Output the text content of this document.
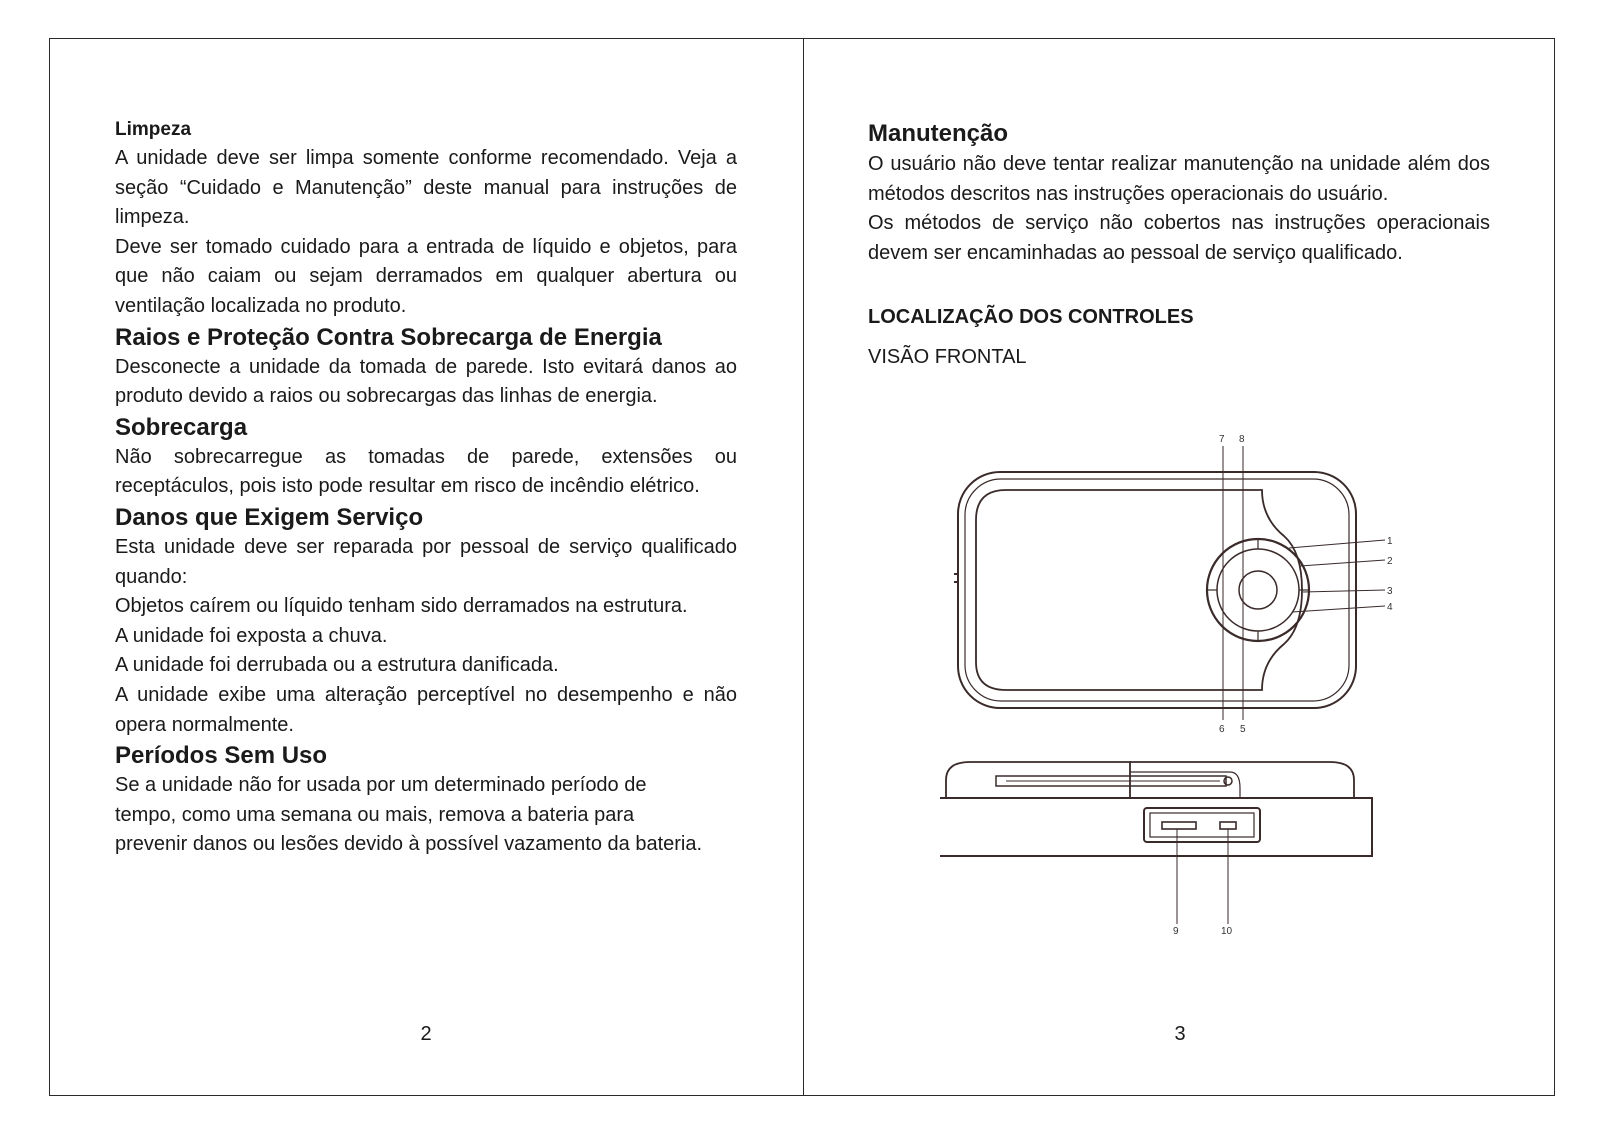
Limpeza

A unidade deve ser limpa somente conforme recomendado. Veja a seção “Cuidado e Manutenção” deste manual para instruções de limpeza.

Deve ser tomado cuidado para a entrada de líquido e objetos, para que não caiam ou sejam derramados em qualquer abertura ou ventilação localizada no produto.

Raios e Proteção Contra Sobrecarga de Energia

Desconecte a unidade da tomada de parede. Isto evitará danos ao produto devido a raios ou sobrecargas das linhas de energia.

Sobrecarga

Não sobrecarregue as tomadas de parede, extensões ou receptáculos, pois isto pode resultar em risco de incêndio elétrico.

Danos que Exigem Serviço

Esta unidade deve ser reparada por pessoal de serviço qualificado quando:

Objetos caírem ou líquido tenham sido derramados na estrutura.

A unidade foi exposta a chuva.

A unidade foi derrubada ou a estrutura danificada.

A unidade exibe uma alteração perceptível no desempenho e não opera normalmente.

Períodos Sem Uso

Se a unidade não for usada por um determinado período de tempo, como uma semana ou mais, remova a bateria para prevenir danos ou lesões devido à possível vazamento da bateria.

Manutenção

O usuário não deve tentar realizar manutenção na unidade além dos métodos descritos nas instruções operacionais do usuário.

Os métodos de serviço não cobertos nas instruções operacionais devem ser encaminhadas ao pessoal de serviço qualificado.

LOCALIZAÇÃO DOS CONTROLES
VISÃO FRONTAL
1
2
3
4
5
6
7 8
9	10
2	3
